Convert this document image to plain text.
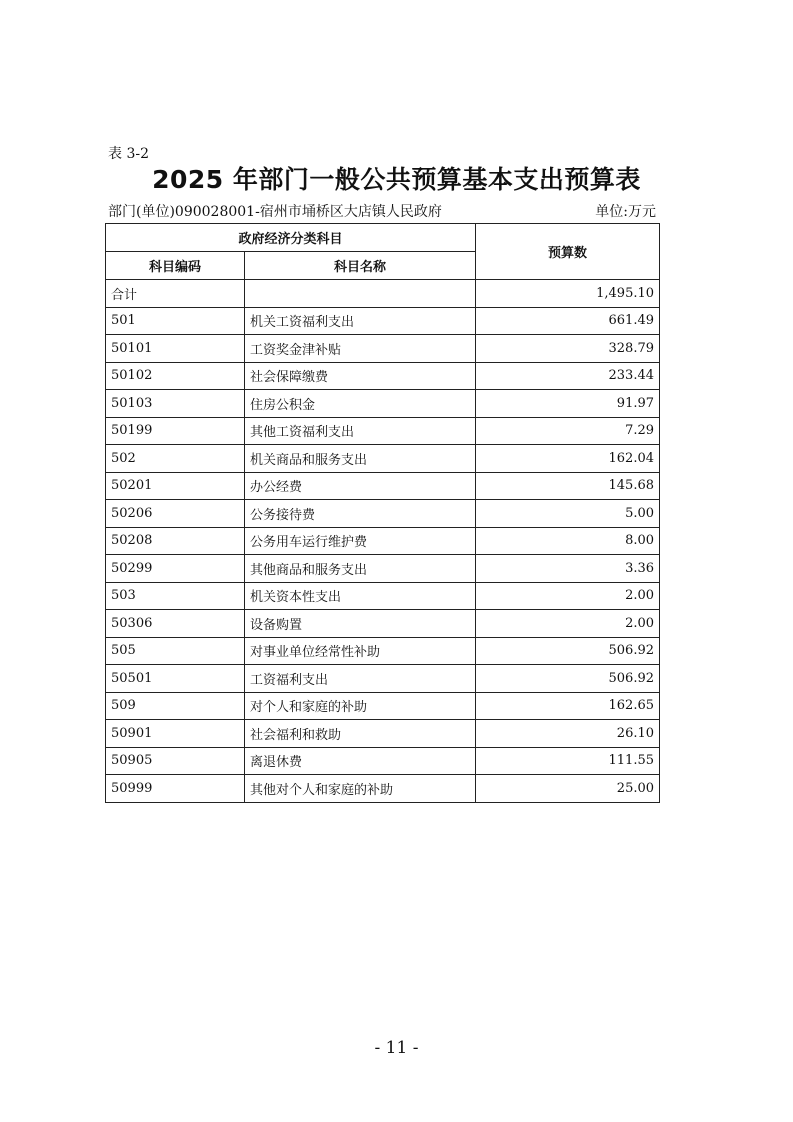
表 3-2
2025 年部门一般公共预算基本支出预算表
部门(单位)090028001-宿州市埇桥区大店镇人民政府	单位:万元
政府经济分类科目		预算数
科目编码	科目名称	
合计		1,495.10
501	机关工资福利支出	661.49
50101	工资奖金津补贴	328.79
50102	社会保障缴费	233.44
50103	住房公积金	91.97
50199	其他工资福利支出	7.29
502	机关商品和服务支出	162.04
50201	办公经费	145.68
50206	公务接待费	5.00
50208	公务用车运行维护费	8.00
50299	其他商品和服务支出	3.36
503	机关资本性支出	2.00
50306	设备购置	2.00
505	对事业单位经常性补助	506.92
50501	工资福利支出	506.92
509	对个人和家庭的补助	162.65
50901	社会福利和救助	26.10
50905	离退休费	111.55
50999	其他对个人和家庭的补助	25.00
- 11 -
